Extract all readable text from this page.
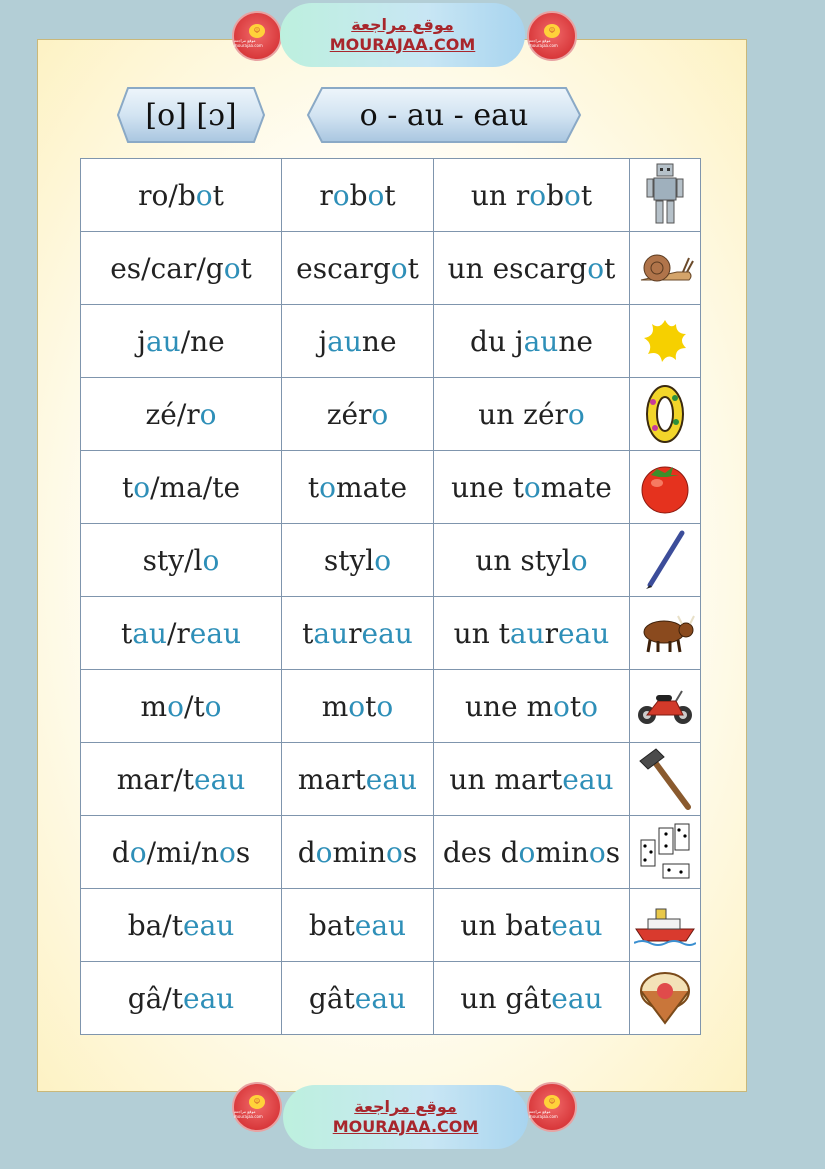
☺
موقع مراجعة mourajaa.com
موقع مراجعة
MOURAJAA.COM
☺
موقع مراجعة mourajaa.com
[o] [ɔ]	o - au - eau
ro/bot	robot	un robot	

es/car/got	escargot	un escargot	

jau/ne	jaune	du jaune	

zé/ro	zéro	un zéro	

to/ma/te	tomate	une tomate	

sty/lo	stylo	un stylo	

tau/reau	taureau	un taureau	

mo/to	moto	une moto	

mar/teau	marteau	un marteau	

do/mi/nos	dominos	des dominos	

ba/teau	bateau	un bateau	

gâ/teau	gâteau	un gâteau	
☺
موقع مراجعة mourajaa.com
موقع مراجعة
MOURAJAA.COM
☺
موقع مراجعة mourajaa.com
